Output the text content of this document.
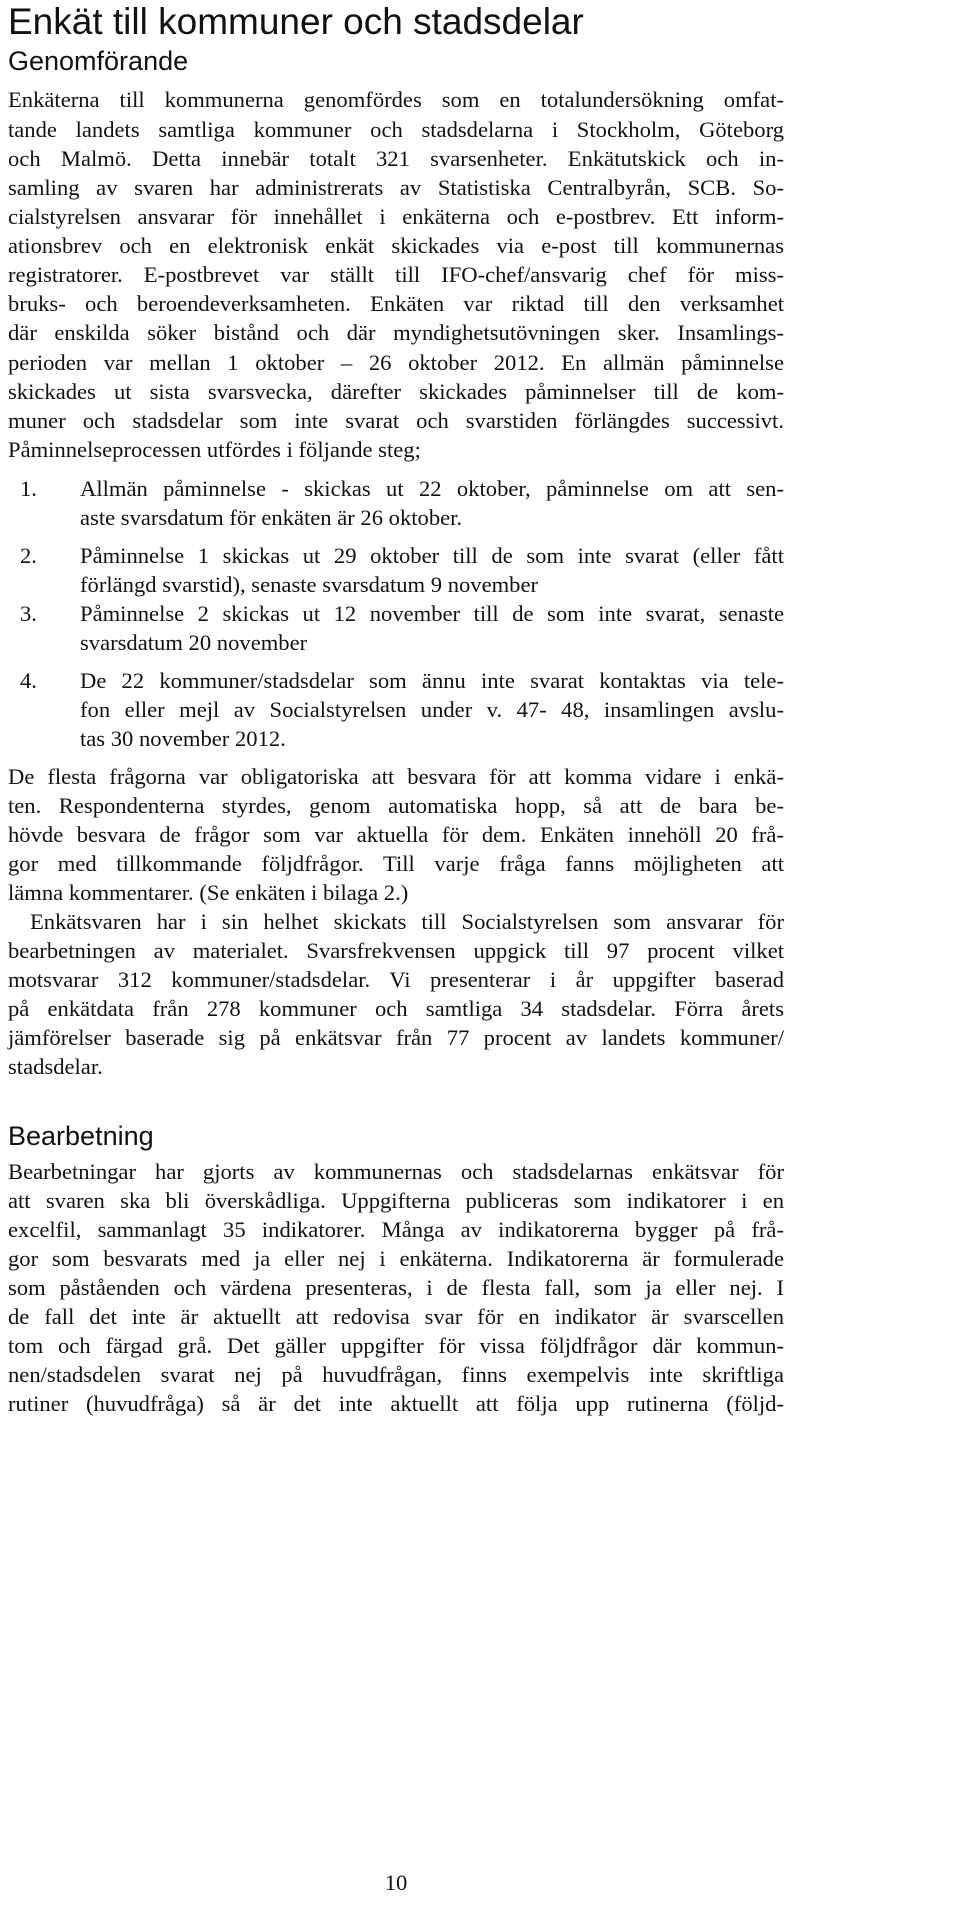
Enkät till kommuner och stadsdelar
Genomförande
Enkäterna till kommunerna genomfördes som en totalundersökning omfat-
tande landets samtliga kommuner och stadsdelarna i Stockholm, Göteborg
och Malmö. Detta innebär totalt 321 svarsenheter. Enkätutskick och in-
samling av svaren har administrerats av Statistiska Centralbyrån, SCB. So-
cialstyrelsen ansvarar för innehållet i enkäterna och e-postbrev. Ett inform-
ationsbrev och en elektronisk enkät skickades via e-post till kommunernas
registratorer. E-postbrevet var ställt till IFO-chef/ansvarig chef för miss-
bruks- och beroendeverksamheten. Enkäten var riktad till den verksamhet
där enskilda söker bistånd och där myndighetsutövningen sker. Insamlings-
perioden var mellan 1 oktober – 26 oktober 2012. En allmän påminnelse
skickades ut sista svarsvecka, därefter skickades påminnelser till de kom-
muner och stadsdelar som inte svarat och svarstiden förlängdes successivt.
Påminnelseprocessen utfördes i följande steg;
1. Allmän påminnelse - skickas ut 22 oktober, påminnelse om att sen-
aste svarsdatum för enkäten är 26 oktober.
2. Påminnelse 1 skickas ut 29 oktober till de som inte svarat (eller fått
förlängd svarstid), senaste svarsdatum 9 november
3. Påminnelse 2 skickas ut 12 november till de som inte svarat, senaste
svarsdatum 20 november
4. De 22 kommuner/stadsdelar som ännu inte svarat kontaktas via tele-
fon eller mejl av Socialstyrelsen under v. 47- 48, insamlingen avslu-
tas 30 november 2012.
De flesta frågorna var obligatoriska att besvara för att komma vidare i enkä-
ten. Respondenterna styrdes, genom automatiska hopp, så att de bara be-
hövde besvara de frågor som var aktuella för dem. Enkäten innehöll 20 frå-
gor med tillkommande följdfrågor. Till varje fråga fanns möjligheten att
lämna kommentarer. (Se enkäten i bilaga 2.)
Enkätsvaren har i sin helhet skickats till Socialstyrelsen som ansvarar för
bearbetningen av materialet. Svarsfrekvensen uppgick till 97 procent vilket
motsvarar 312 kommuner/stadsdelar. Vi presenterar i år uppgifter baserad
på enkätdata från 278 kommuner och samtliga 34 stadsdelar. Förra årets
jämförelser baserade sig på enkätsvar från 77 procent av landets kommuner/
stadsdelar.
Bearbetning
Bearbetningar har gjorts av kommunernas och stadsdelarnas enkätsvar för
att svaren ska bli överskådliga. Uppgifterna publiceras som indikatorer i en
excelfil, sammanlagt 35 indikatorer. Många av indikatorerna bygger på frå-
gor som besvarats med ja eller nej i enkäterna. Indikatorerna är formulerade
som påståenden och värdena presenteras, i de flesta fall, som ja eller nej. I
de fall det inte är aktuellt att redovisa svar för en indikator är svarscellen
tom och färgad grå. Det gäller uppgifter för vissa följdfrågor där kommun-
nen/stadsdelen svarat nej på huvudfrågan, finns exempelvis inte skriftliga
rutiner (huvudfråga) så är det inte aktuellt att följa upp rutinerna (följd-
10
